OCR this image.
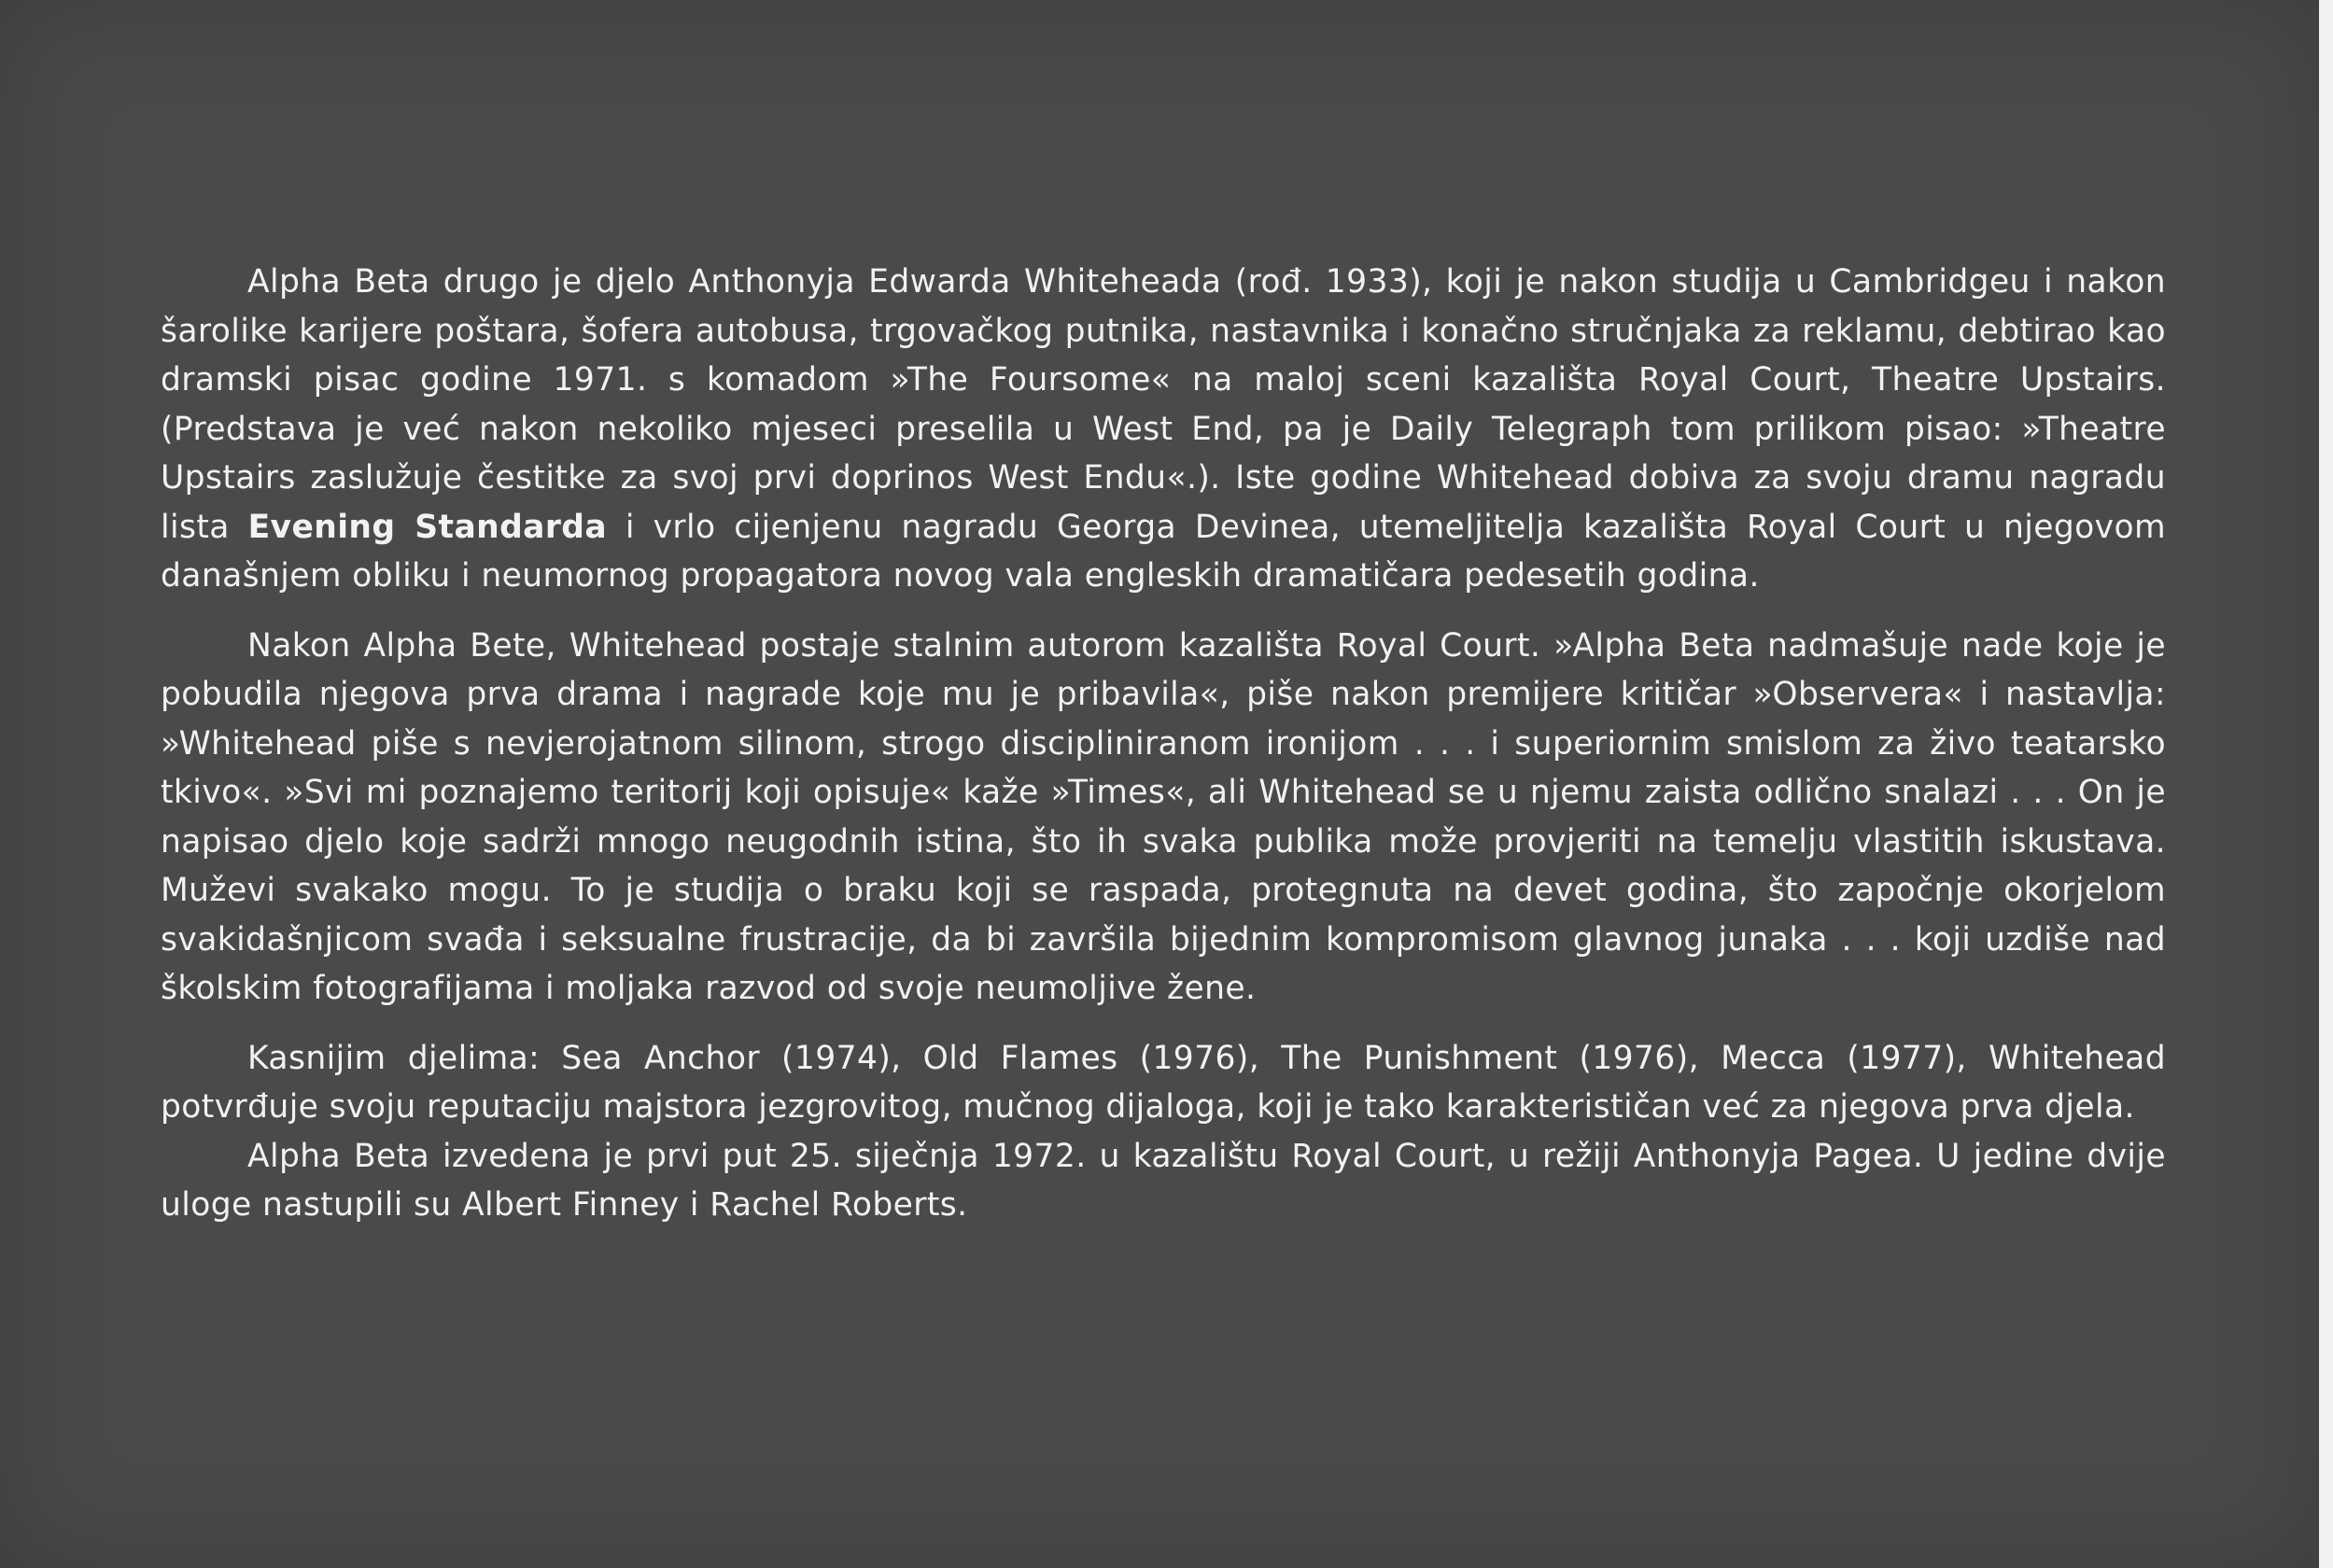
Alpha Beta drugo je djelo Anthonyja Edwarda Whiteheada (rođ. 1933), koji je nakon studija u Cambridgeu i nakon šarolike karijere poštara, šofera autobusa, trgovačkog putnika, nastavnika i konačno stručnjaka za reklamu, debtirao kao dramski pisac godine 1971. s komadom »The Foursome« na maloj sceni kazališta Royal Court, Theatre Upstairs. (Predstava je već nakon nekoliko mjeseci preselila u West End, pa je Daily Telegraph tom prilikom pisao: »Theatre Upstairs zaslužuje čestitke za svoj prvi doprinos West Endu«.). Iste godine Whitehead dobiva za svoju dramu nagradu lista Evening Standarda i vrlo cijenjenu nagradu Georga Devinea, utemeljitelja kazališta Royal Court u njegovom današnjem obliku i neumornog propagatora novog vala engleskih dramatičara pedesetih godina.

Nakon Alpha Bete, Whitehead postaje stalnim autorom kazališta Royal Court. »Alpha Beta nadmašuje nade koje je pobudila njegova prva drama i nagrade koje mu je pribavila«, piše nakon premijere kritičar »Observera« i nastavlja: »Whitehead piše s nevjerojatnom silinom, strogo discipliniranom ironijom . . . i superiornim smislom za živo teatarsko tkivo«. »Svi mi poznajemo teritorij koji opisuje« kaže »Times«, ali Whitehead se u njemu zaista odlično snalazi . . . On je napisao djelo koje sadrži mnogo neugodnih istina, što ih svaka publika može provjeriti na temelju vlastitih iskustava. Muževi svakako mogu. To je studija o braku koji se raspada, protegnuta na devet godina, što započnje okorjelom svakidašnjicom svađa i seksualne frustracije, da bi završila bijednim kompromisom glavnog junaka . . . koji uzdiše nad školskim fotografijama i moljaka razvod od svoje neumoljive žene.

Kasnijim djelima: Sea Anchor (1974), Old Flames (1976), The Punishment (1976), Mecca (1977), Whitehead potvrđuje svoju reputaciju majstora jezgrovitog, mučnog dijaloga, koji je tako karakterističan već za njegova prva djela.

Alpha Beta izvedena je prvi put 25. siječnja 1972. u kazalištu Royal Court, u režiji Anthonyja Pagea. U jedine dvije uloge nastupili su Albert Finney i Rachel Roberts.
